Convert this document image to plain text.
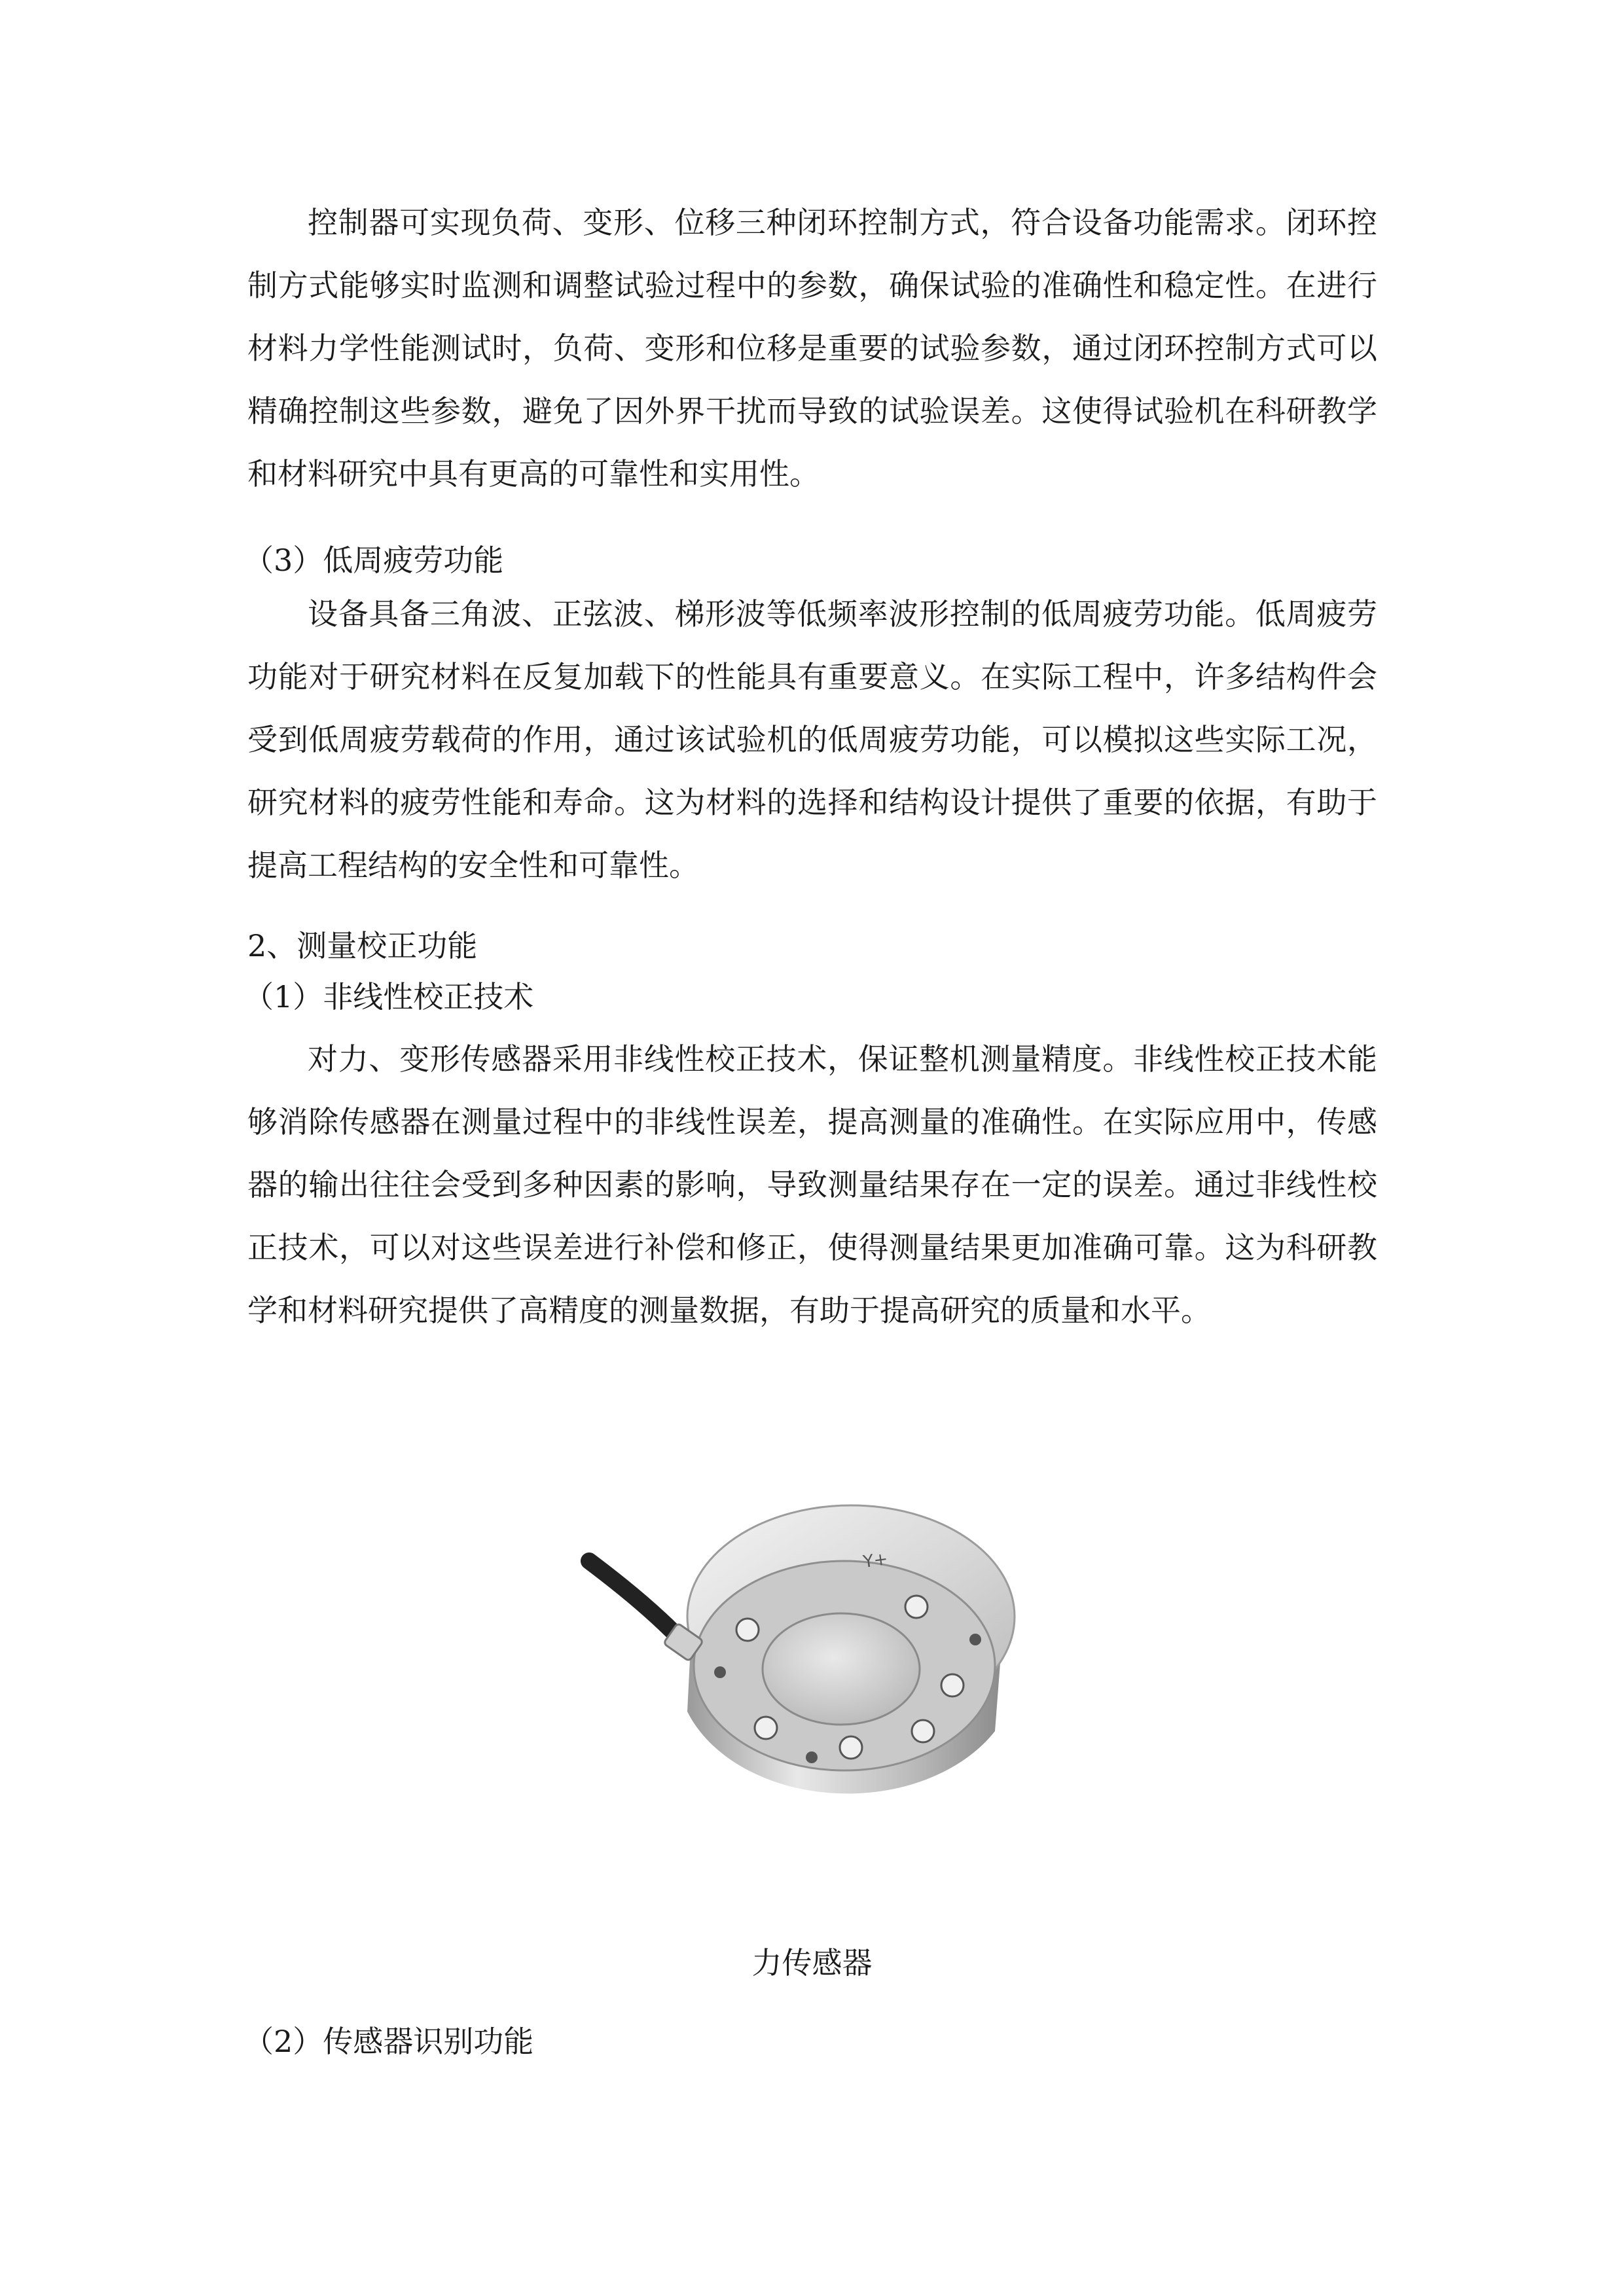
控制器可实现负荷、变形、位移三种闭环控制方式，符合设备功能需求。闭环控制方式能够实时监测和调整试验过程中的参数，确保试验的准确性和稳定性。在进行材料力学性能测试时，负荷、变形和位移是重要的试验参数，通过闭环控制方式可以精确控制这些参数，避免了因外界干扰而导致的试验误差。这使得试验机在科研教学和材料研究中具有更高的可靠性和实用性。

（3）低周疲劳功能

设备具备三角波、正弦波、梯形波等低频率波形控制的低周疲劳功能。低周疲劳功能对于研究材料在反复加载下的性能具有重要意义。在实际工程中，许多结构件会受到低周疲劳载荷的作用，通过该试验机的低周疲劳功能，可以模拟这些实际工况，研究材料的疲劳性能和寿命。这为材料的选择和结构设计提供了重要的依据，有助于提高工程结构的安全性和可靠性。

2、测量校正功能

（1）非线性校正技术

对力、变形传感器采用非线性校正技术，保证整机测量精度。非线性校正技术能够消除传感器在测量过程中的非线性误差，提高测量的准确性。在实际应用中，传感器的输出往往会受到多种因素的影响，导致测量结果存在一定的误差。通过非线性校正技术，可以对这些误差进行补偿和修正，使得测量结果更加准确可靠。这为科研教学和材料研究提供了高精度的测量数据，有助于提高研究的质量和水平。

Y+
力传感器

（2）传感器识别功能
